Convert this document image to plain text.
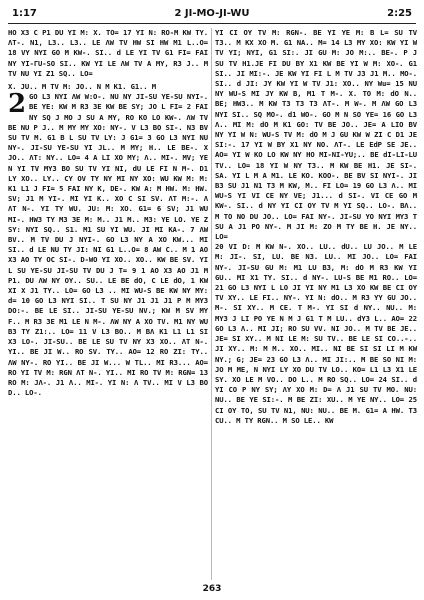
1:17	2 JI-MO-JI-WU	2:25

HO X3 C P1 DU YI M: X. TO= 17 YI N: RO-M KW TY. ΛT-. N1, L3.. L3.. LE ΛW TV HW SI HW M1 L..O= 18 VY NYI GO M KW-. SI.. d LE YI TV G1 FI= FAI NY YI-ΓU-SO SI.. KW YI LE ΛW TV A MY, R3 J.. M TV NU YI Z1 SQ.. LO=

X. JU.. M TV M: JO.. N M K1. G1.. M

2 GO L3 NYI ΛW W:O-. NU NY JI-SU YE-SU NYI-. BE YE: KW M R3 3E KW BE SY; JO L FI= 2 FAI NY SQ J MO J SU A MY, RO KO LO KW-. ΛW TV BE NU P J.. M MY MY XO: NY-. V L3 BO SI-. N3 BV SU TV M. G1 B L SU TV LY: J G1= 3 GO L3 NYI NU NY-. JI-SU YE-SU YI JL.. M MY; H.. LE BE-. X JO.. ΛT: NY.. LO= 4 A LI XO MY; Λ.. MI-. MV; YE N YI TV MY3 BO SU TV YI NI, dU LE FI N M-. D1 LY XO.. LY.. CY OV TY NY MI NY XO: WU KW M: M: K1 L1 J FI= 5 FAI NY K, DE-. KW A: M HW. M: HW. SV; J1 M YI-. MI YI K.. XO C SI SV. ΛT M:-. Λ ΛT N-. YI TY WU. JU: M: XO. G1= 6 SV; J1 WU MI-. HW3 TY M3 3E M: M.. J1 M.. M3: YE LO. YE Z SY: NYI SQ.. S1. M1 SU YI WU. JI MI KA-. 7 ΛW BV.. M TV DU J NYI-. GO L3 NY A XO KW... MI SI.. d LE NU TY JI: NI G1 L..O= 8 AW C.. M 1 AO X3 AO TY OC SI-. D-WO YI XO.. XO.. KW BE SV. YI L SU YE-SU JI-SU TV DU J T= 9 1 AO X3 AO J1 M P1. DU ΛW NY OY.. SU.. LE BE dO, C LE dO, 1 KW XI X J1 TY.. LO= GO L3 .. MI WU-S BE KW NY MY: d= 10 GO L3 NYI SI.. T SU NY J1 J1 J1 P M MY3 DO:-. BE LE SI.. JI-SU YE-SU NV.; KW M SV MY F.. M R3 3E M1 LE N M-. ΛW NY A XO TV. M1 NY WU B3 TY Z1:.. LO= 11 V L3 BO.. M BΛ K1 L1 L1 SI X3 LO-. JI-SU.. BE LE SU TV NY X3 XO.. ΛT N-. YI.. BE JI W.. RO SV. TY.. AO= 12 RO ZI: TY.. ΛW NY-. RO YI.. BE JI W... W TL.. MI R3... AO= RO YI TV M: RGN ΛT N-. YI.. MI RO TV M: RGN= 13 RO M: JΛ-. J1 Λ.. MI-. YI N: Λ TV.. MI V L3 BO D.. LO-.

YI CI OY TV M: RGN-. BE YI YE M: B L= SU TV T3.. M KX XO M. G1 NA.. M= 14 L3 MY XO: KW YI W TV YI; NYI, G1 SI:. JI GU M: JO M:.. BE-. P J SU TV H1.JE FI DU BY X1 KW BE YI W M: XO-. G1 SI.. JI MI:-. JE KW YI FI L M TV J3 J1 M.. MO-. SI.. d JI: JY KW YI W TV J1: XO.. NY Wu= 15 NU NY WU-S MI JY KW B, M1 T M-. X. TO M: dO N.. BE; HW3.. M KW T3 T3 T3 ΛT-. M W-. M ΛW GO L3 NYI SI.. SQ MO-. d1 WO-. GO M N SO YE= 16 GO L3 Λ.. MI M: dO M K1 GO: TV BE JO.. JE= A LIO BV NY YI W N: WU-S TV M: dO M J GU KW W ZI C D1 JE SI:-. 17 YI W BY X1 NY NO. ΛT-. LE EdP SE JE.. AO= YI W KO LO KW NY HO MI-NI-YU;.. BE dI-LI-LU TV.. LO= 18 YI W NY T3.. M KW BE H1. JE SI-. SA. YI L M A M1. LE KO. KOO-. BE BV SI NYI-. JI B3 SU J1 N1 T3 M KW, M.. FI LO= 19 GO L3 Λ.. MI WU-S YI VI CE NY VE; J1... d SI-. VI CE GO M KW-. SI.. d NY YI CI OY TV M YI SQ.. LO-. BΛ.. M TO NO DU JO.. LO= FAI NY-. JI-SU YO NYI MY3 T SU A J1 PO NY-. M JI M: ZO M TY BE H. JE NY.. LO=

20 VI D: M KW N-. XO.. LU.. dU.. LU JO.. M LE M: JI-. SI, LU. BE N3. LU.. MI JO.. LO= FAI NY-. JI-SU GU M: M1 LU B3, M: dO M R3 KW YI GU.. MI X1 TY. SI.. d NY-. LU-S BE M1 RO.. LO= 21 GO L3 NYI L LO JI YI NY M1 L3 XO KW BE CI OY TV XY.. LE FI.. NY-. YI N: dO.. M R3 YY GU JO.. M-. SI XY.. M CE. T M-. YI SI d NY.. NU.. M: MY3 J LI PO YE N M J G1 T M LU.. dY3 L.. AO= 22 GO L3 Λ.. MI JI; RO SU VV. NI JO.. M TV BE JE.. JE= SI XY.. M NI LE M: SU TV.. BE LE SI CO..-.. JI XY.. M: M M.. XO.. MI.. NI BE SI SI LI M KW NY.; G; JE= 23 GO L3 Λ.. MI JI:.. M BE SO NI M: JO M ME, N NYI LY XO DU TV LO.. KO= L1 L3 X1 LE SY. XO LE M VO.. DO L.. M RO SQ.. LO= 24 SI.. d YI CO P NY SY; ΛY XO M: D= Λ J1 SU TV MO. NU: NU.. BE YE SI:-. M BE ZI: XU.. M YE NY.. LO= 25 CI OY TO, SU TV N1, NU: NU.. BE M. G1= A HW. T3 CU.. M TY RGN.. M SO LE.. KW

263
